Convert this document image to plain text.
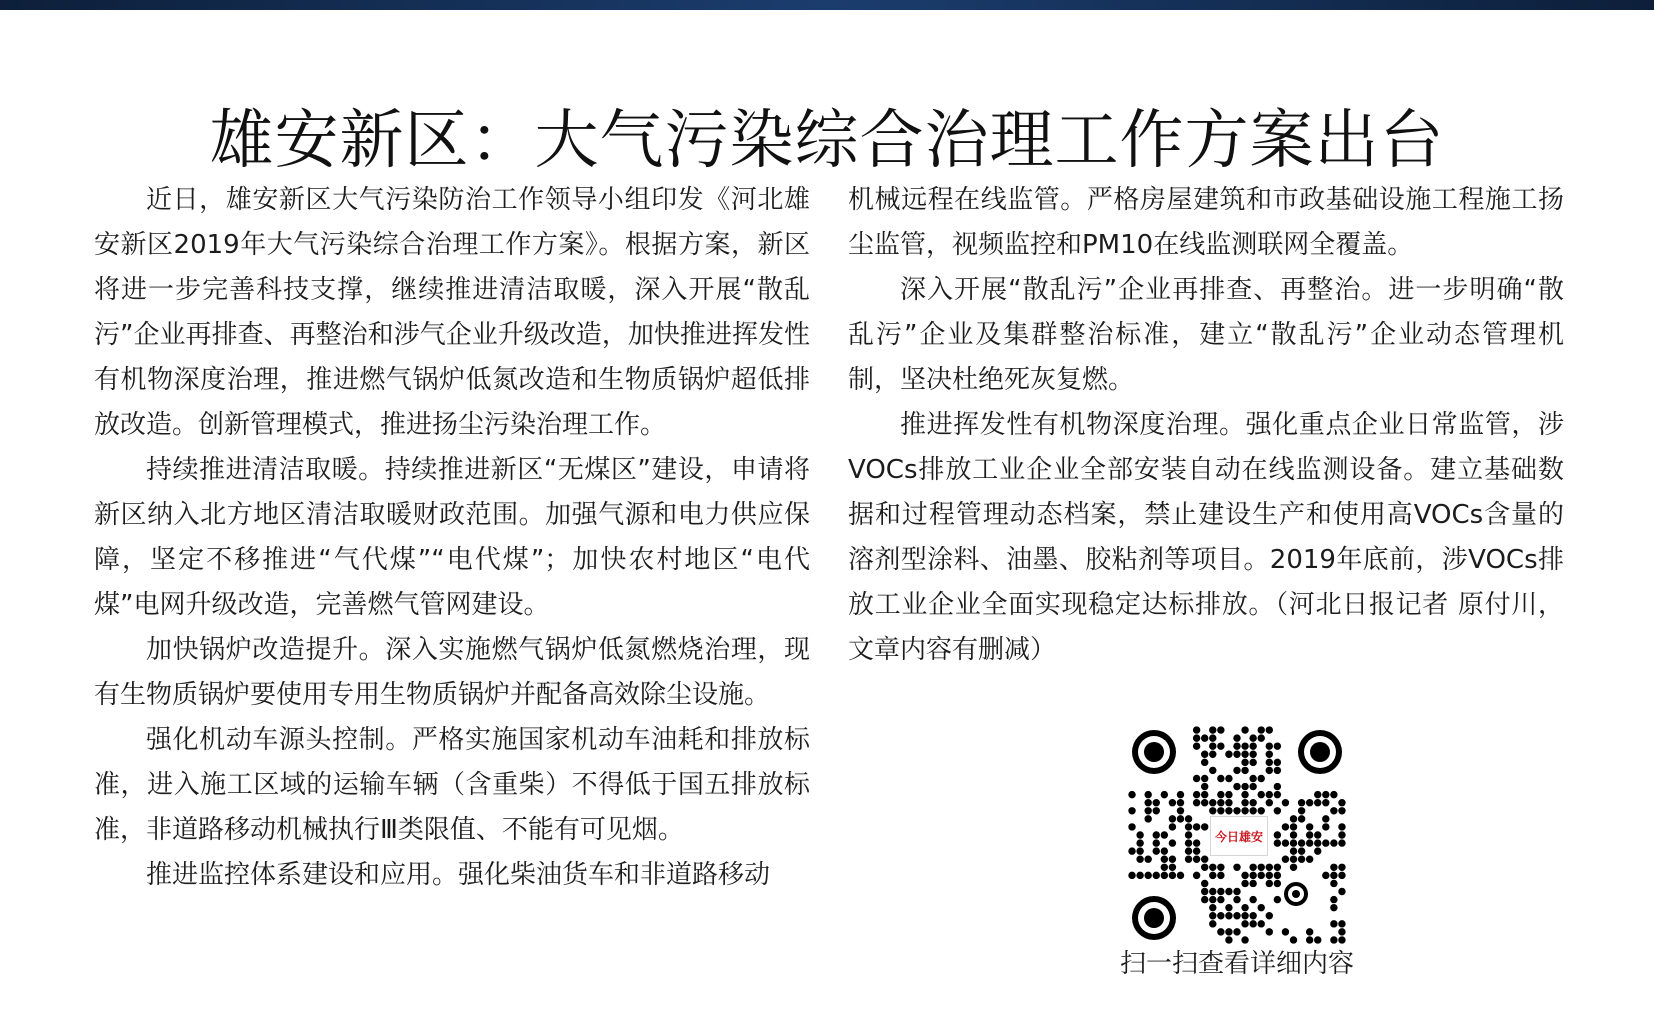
雄安新区：大气污染综合治理工作方案出台

近日，雄安新区大气污染防治工作领导小组印发《河北雄安新区2019年大气污染综合治理工作方案》。根据方案，新区将进一步完善科技支撑，继续推进清洁取暖，深入开展“散乱污”企业再排查、再整治和涉气企业升级改造，加快推进挥发性有机物深度治理，推进燃气锅炉低氮改造和生物质锅炉超低排放改造。创新管理模式，推进扬尘污染治理工作。

持续推进清洁取暖。持续推进新区“无煤区”建设，申请将新区纳入北方地区清洁取暖财政范围。加强气源和电力供应保障，坚定不移推进“气代煤”“电代煤”；加快农村地区“电代煤”电网升级改造，完善燃气管网建设。

加快锅炉改造提升。深入实施燃气锅炉低氮燃烧治理，现有生物质锅炉要使用专用生物质锅炉并配备高效除尘设施。

强化机动车源头控制。严格实施国家机动车油耗和排放标准，进入施工区域的运输车辆（含重柴）不得低于国五排放标准，非道路移动机械执行Ⅲ类限值、不能有可见烟。

推进监控体系建设和应用。强化柴油货车和非道路移动

机械远程在线监管。严格房屋建筑和市政基础设施工程施工扬尘监管，视频监控和PM10在线监测联网全覆盖。

深入开展“散乱污”企业再排查、再整治。进一步明确“散乱污”企业及集群整治标准，建立“散乱污”企业动态管理机制，坚决杜绝死灰复燃。

推进挥发性有机物深度治理。强化重点企业日常监管，涉VOCs排放工业企业全部安装自动在线监测设备。建立基础数据和过程管理动态档案，禁止建设生产和使用高VOCs含量的溶剂型涂料、油墨、胶粘剂等项目。2019年底前，涉VOCs排放工业企业全面实现稳定达标排放。（河北日报记者 原付川，文章内容有删减）

今日雄安
扫一扫查看详细内容
